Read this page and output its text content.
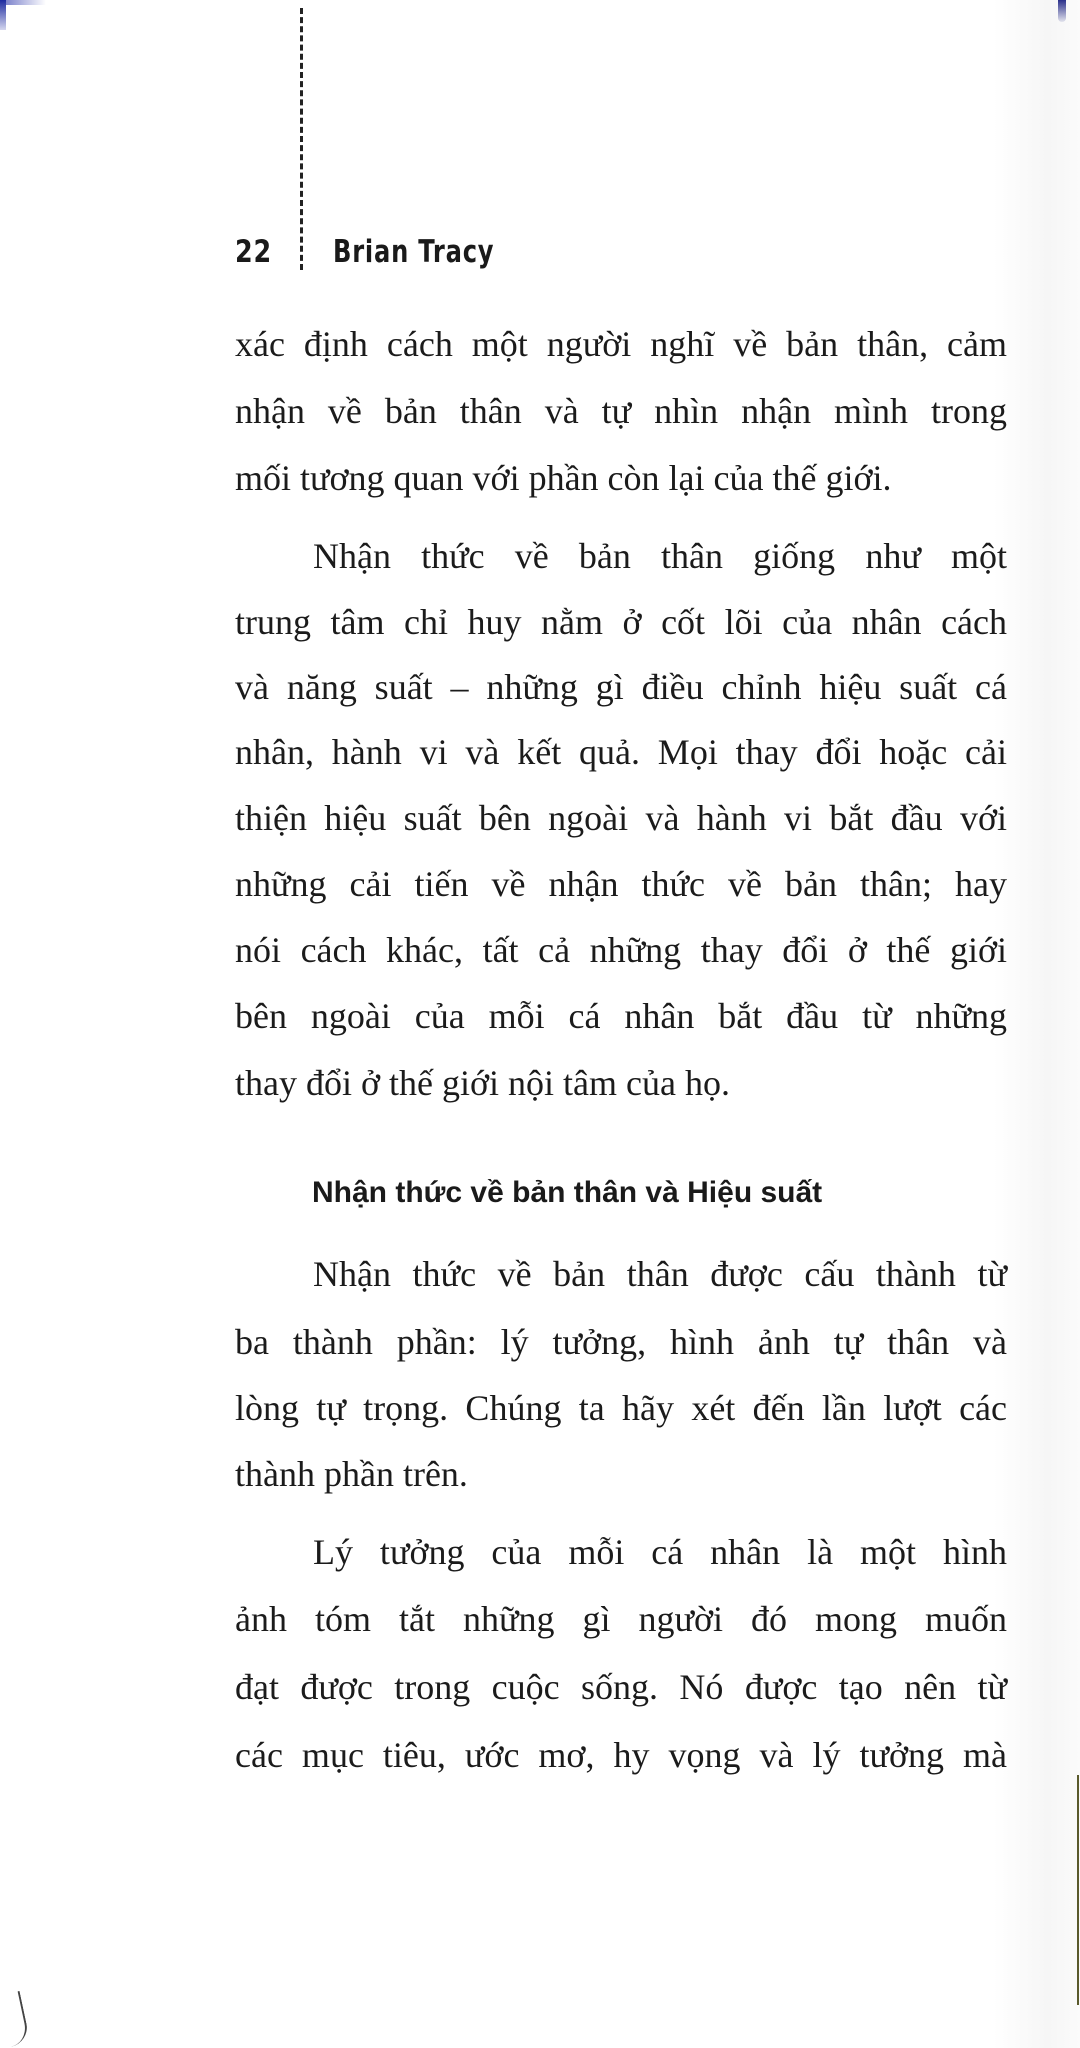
22 Brian Tracy
xác định cách một người nghĩ về bản thân, cảm
nhận về bản thân và tự nhìn nhận mình trong
mối tương quan với phần còn lại của thế giới.
Nhận thức về bản thân giống như một
trung tâm chỉ huy nằm ở cốt lõi của nhân cách
và năng suất – những gì điều chỉnh hiệu suất cá
nhân, hành vi và kết quả. Mọi thay đổi hoặc cải
thiện hiệu suất bên ngoài và hành vi bắt đầu với
những cải tiến về nhận thức về bản thân; hay
nói cách khác, tất cả những thay đổi ở thế giới
bên ngoài của mỗi cá nhân bắt đầu từ những
thay đổi ở thế giới nội tâm của họ.
Nhận thức về bản thân và Hiệu suất
Nhận thức về bản thân được cấu thành từ
ba thành phần: lý tưởng, hình ảnh tự thân và
lòng tự trọng. Chúng ta hãy xét đến lần lượt các
thành phần trên.
Lý tưởng của mỗi cá nhân là một hình
ảnh tóm tắt những gì người đó mong muốn
đạt được trong cuộc sống. Nó được tạo nên từ
các mục tiêu, ước mơ, hy vọng và lý tưởng mà
